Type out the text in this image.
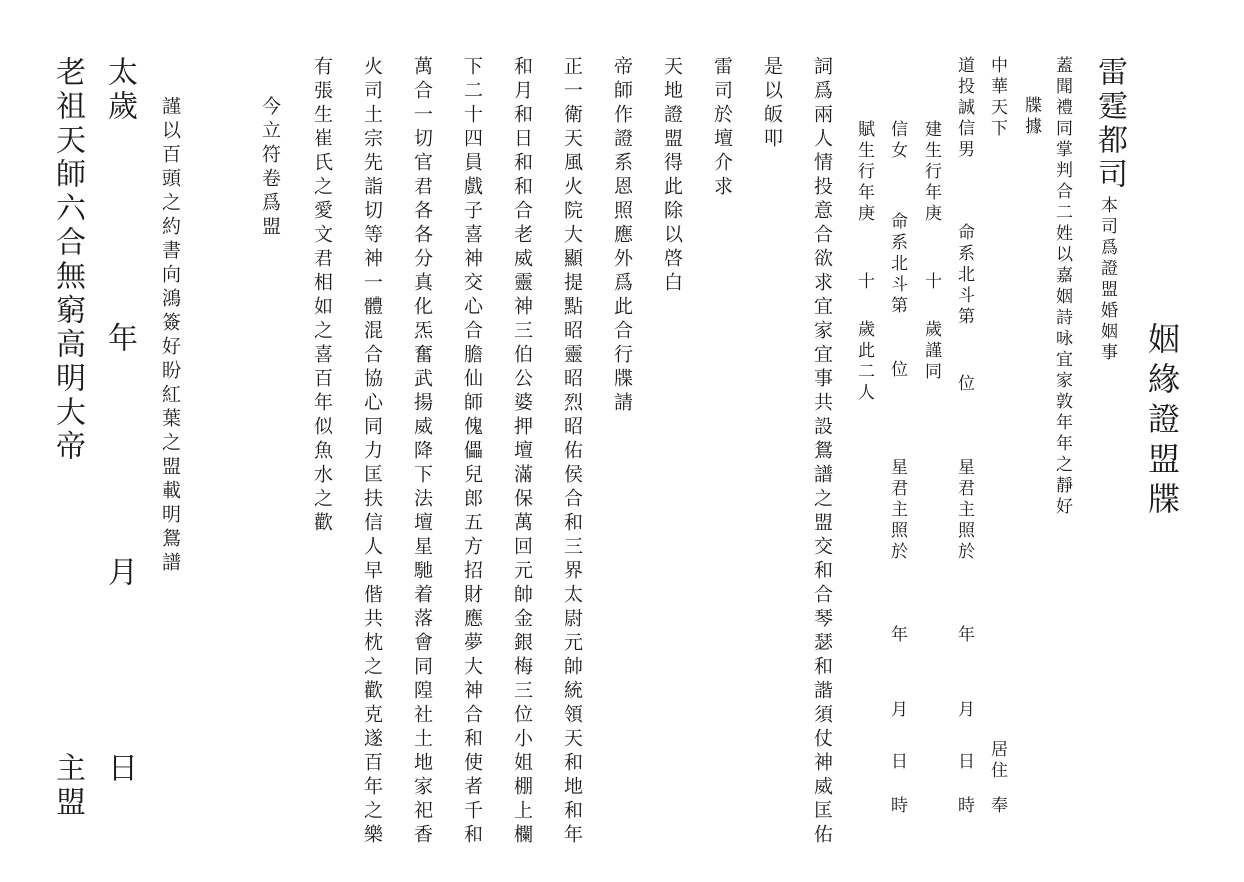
姻緣證盟牒
雷霆都司
本司爲證盟婚姻事
蓋聞禮同掌判合二姓以嘉姻詩咏宜家敦年年之靜好
牒據
中華天下
居住
道投誠信男
命系北斗第
位
星君主照於
年
月
日
時 奉
建生行年庚
十
歲謹同
信女
命系北斗第
位
星君主照於
年
月
日
時
賦生行年庚
十
歲此二人
詞爲兩人情投意合欲求宜家宜事共設鴛譜之盟交和合琴瑟和諧須仗神威匡佑
是以皈叩
雷司於壇介求
天地證盟得此除以啓白
帝師作證系恩照應外爲此合行牒請
正一衛天風火院大顯提點昭靈昭烈昭佑侯合和三界太尉元帥統領天和地和年
和月和日和和合老威靈神三伯公婆押壇滿保萬回元帥金銀梅三位小姐棚上欄
下二十四員戲子喜神交心合膽仙師傀儡兒郎五方招財應夢大神合和使者千和
萬合一切官君各各分真化炁奮武揚威降下法壇星馳着落會同隍社土地家祀香
火司土宗先詣切等神一體混合協心同力匡扶信人早偕共枕之歡克遂百年之樂
有張生崔氏之愛文君相如之喜百年似魚水之歡
今立符卷爲盟
謹以百頭之約書向鴻簽好盼紅葉之盟載明鴛譜
太歲
年
月
日
老祖天師六合無窮高明大帝
主盟
